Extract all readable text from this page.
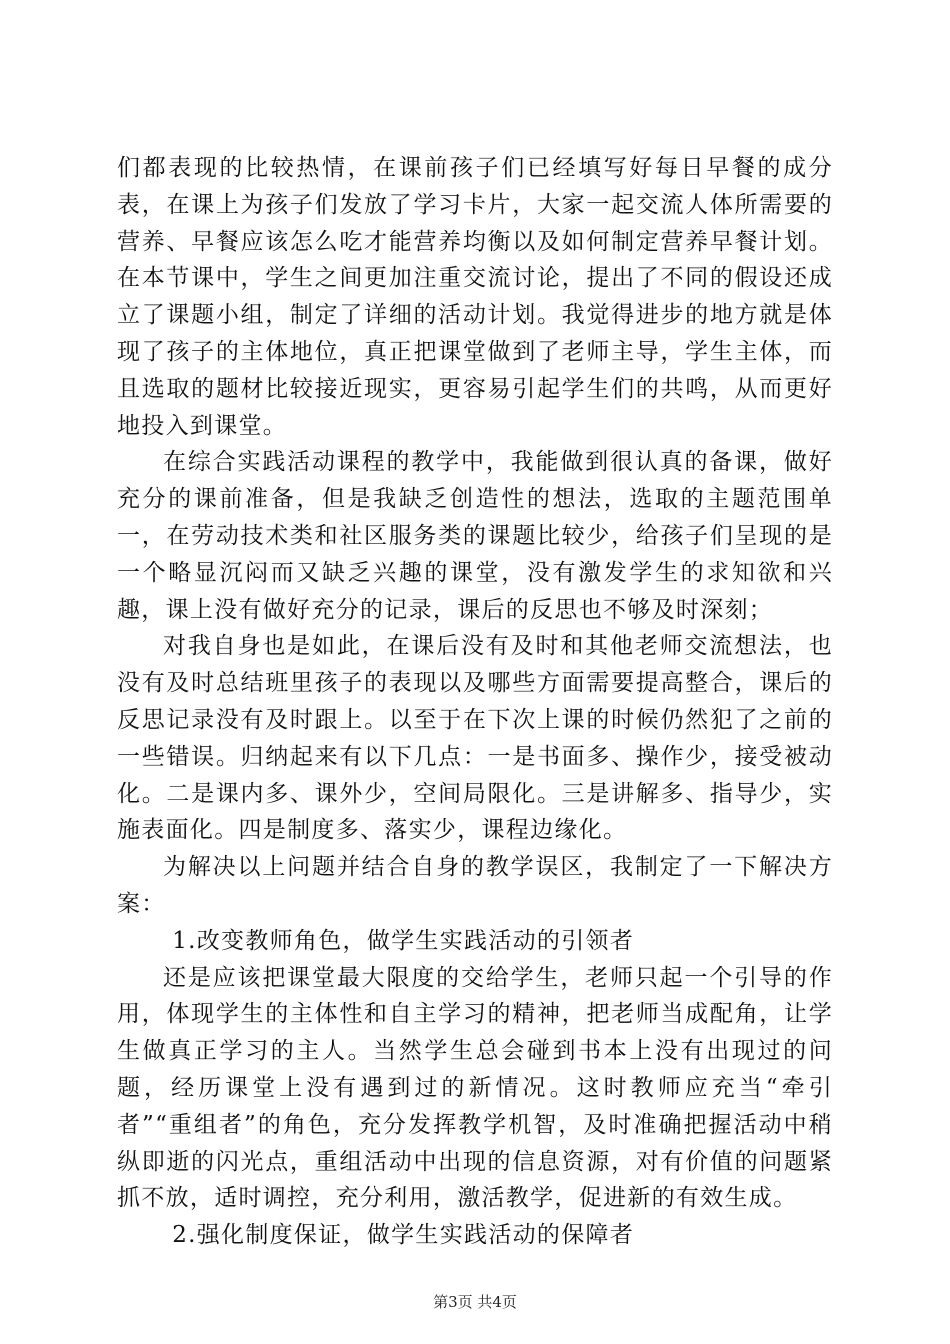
们都表现的比较热情，在课前孩子们已经填写好每日早餐的成分表，在课上为孩子们发放了学习卡片，大家一起交流人体所需要的营养、早餐应该怎么吃才能营养均衡以及如何制定营养早餐计划。在本节课中，学生之间更加注重交流讨论，提出了不同的假设还成立了课题小组，制定了详细的活动计划。我觉得进步的地方就是体现了孩子的主体地位，真正把课堂做到了老师主导，学生主体，而且选取的题材比较接近现实，更容易引起学生们的共鸣，从而更好地投入到课堂。

在综合实践活动课程的教学中，我能做到很认真的备课，做好充分的课前准备，但是我缺乏创造性的想法，选取的主题范围单一，在劳动技术类和社区服务类的课题比较少，给孩子们呈现的是一个略显沉闷而又缺乏兴趣的课堂，没有激发学生的求知欲和兴趣，课上没有做好充分的记录，课后的反思也不够及时深刻；

对我自身也是如此，在课后没有及时和其他老师交流想法，也没有及时总结班里孩子的表现以及哪些方面需要提高整合，课后的反思记录没有及时跟上。以至于在下次上课的时候仍然犯了之前的一些错误。归纳起来有以下几点：一是书面多、操作少，接受被动化。二是课内多、课外少，空间局限化。三是讲解多、指导少，实施表面化。四是制度多、落实少，课程边缘化。

为解决以上问题并结合自身的教学误区，我制定了一下解决方案：

1.改变教师角色，做学生实践活动的引领者

还是应该把课堂最大限度的交给学生，老师只起一个引导的作用，体现学生的主体性和自主学习的精神，把老师当成配角，让学生做真正学习的主人。当然学生总会碰到书本上没有出现过的问题，经历课堂上没有遇到过的新情况。这时教师应充当“牵引者”“重组者”的角色，充分发挥教学机智，及时准确把握活动中稍纵即逝的闪光点，重组活动中出现的信息资源，对有价值的问题紧抓不放，适时调控，充分利用，激活教学，促进新的有效生成。

2.强化制度保证，做学生实践活动的保障者

第3页 共4页
